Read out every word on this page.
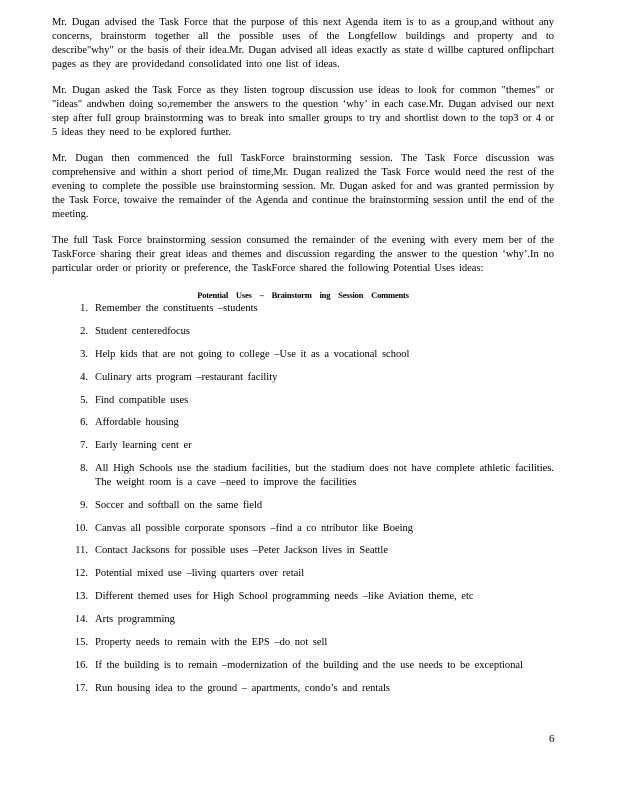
Mr. Dugan advised the Task Force that the purpose of this next Agenda item is to as a group,and without any concerns, brainstorm together all the possible uses of the Longfellow buildings and property and to describe"why" or the basis of their idea.Mr. Dugan advised all ideas exactly as state d willbe captured onflipchart pages as they are providedand consolidated into one list of ideas.

Mr. Dugan asked the Task Force as they listen togroup discussion use ideas to look for common "themes" or "ideas" andwhen doing so,remember the answers to the question ‘why’ in each case.Mr. Dugan advised our next step after full group brainstorming was to break into smaller groups to try and shortlist down to the top3 or 4 or 5 ideas they need to be explored further.

Mr. Dugan then commenced the full TaskForce brainstorming session. The Task Force discussion was comprehensive and within a short period of time,Mr. Dugan realized the Task Force would need the rest of the evening to complete the possible use brainstorming session. Mr. Dugan asked for and was granted permission by the Task Force, towaive the remainder of the Agenda and continue the brainstorming session until the end of the meeting.

The full Task Force brainstorming session consumed the remainder of the evening with every mem ber of the TaskForce sharing their great ideas and themes and discussion regarding the answer to the question ‘why’.In no particular order or priority or preference, the TaskForce shared the following Potential Uses ideas:

Potential Uses – Brainstorm ing Session Comments
1. Remember the constituents –students
2. Student centeredfocus
3. Help kids that are not going to college –Use it as a vocational school
4. Culinary arts program –restaurant facility
5. Find compatible uses
6. Affordable housing
7. Early learning cent er
8. All High Schools use the stadium facilities, but the stadium does not have complete athletic facilities. The weight room is a cave –need to improve the facilities
9. Soccer and softball on the same field
10. Canvas all possible corporate sponsors –find a co ntributor like Boeing
11. Contact Jacksons for possible uses –Peter Jackson lives in Seattle
12. Potential mixed use –living quarters over retail
13. Different themed uses for High School programming needs –like Aviation theme, etc
14. Arts programming
15. Property needs to remain with the EPS –do not sell
16. If the building is to remain –modernization of the building and the use needs to be exceptional
17. Run housing idea to the ground – apartments, condo’s and rentals
6
